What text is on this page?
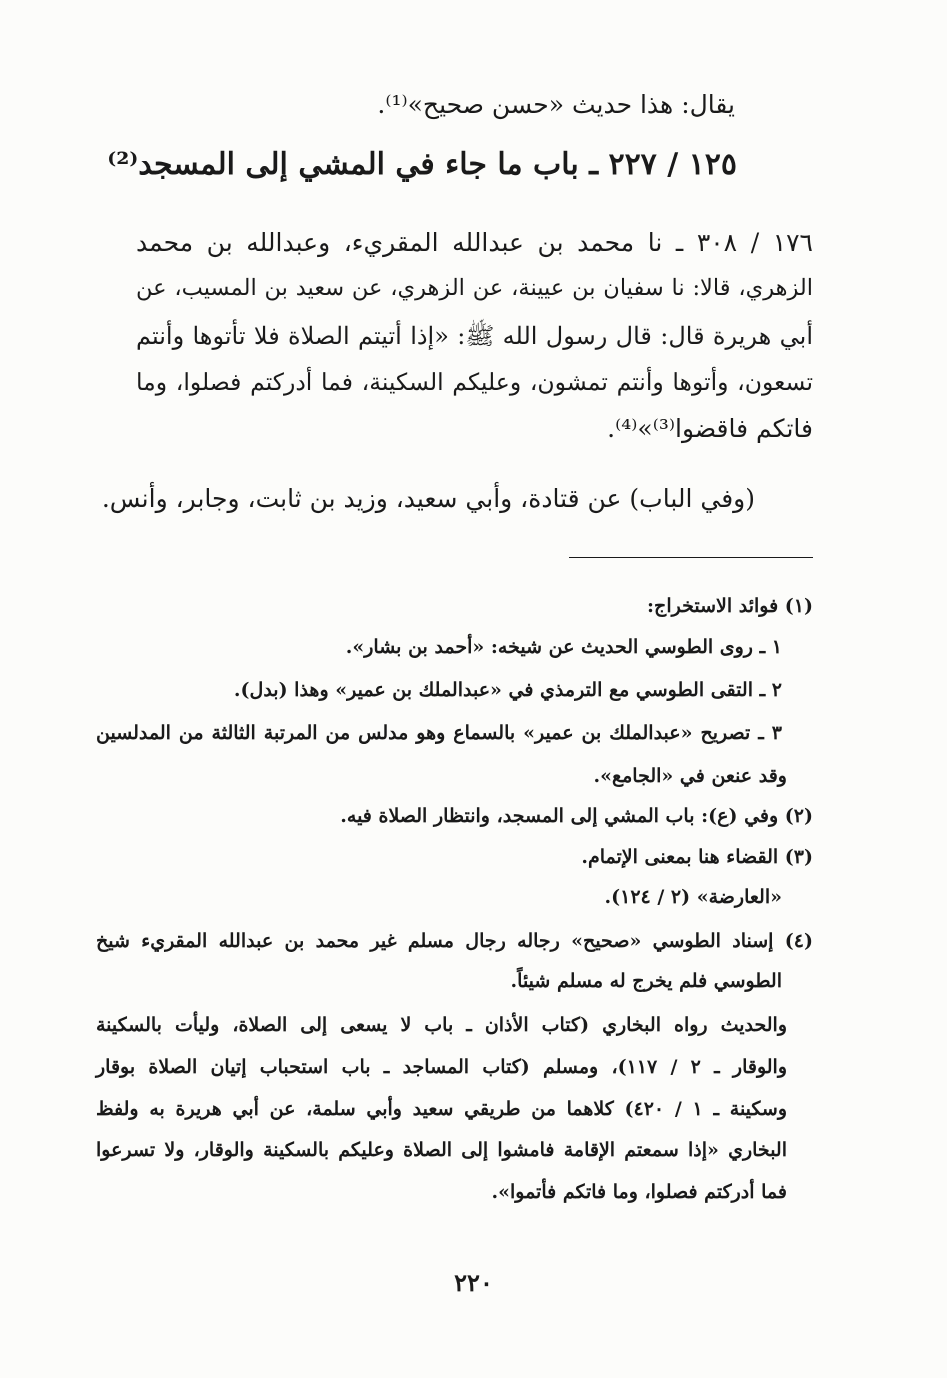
يقال: هذا حديث «حسن صحيح»⁽¹⁾.
١٢٥ / ٢٢٧ ـ باب ما جاء في المشي إلى المسجد⁽²⁾
١٧٦ / ٣٠٨ ـ نا محمد بن عبدالله المقريء، وعبدالله بن محمد
الزهري، قالا: نا سفيان بن عيينة، عن الزهري، عن سعيد بن المسيب، عن
أبي هريرة قال: قال رسول الله ﷺ: «إذا أتيتم الصلاة فلا تأتوها وأنتم
تسعون، وأتوها وأنتم تمشون، وعليكم السكينة، فما أدركتم فصلوا، وما
فاتكم فاقضوا⁽³⁾»⁽⁴⁾.
(وفي الباب) عن قتادة، وأبي سعيد، وزيد بن ثابت، وجابر، وأنس.
(١) فوائد الاستخراج:
١ ـ روى الطوسي الحديث عن شيخه: «أحمد بن بشار».
٢ ـ التقى الطوسي مع الترمذي في «عبدالملك بن عمير» وهذا (بدل).
٣ ـ تصريح «عبدالملك بن عمير» بالسماع وهو مدلس من المرتبة الثالثة من المدلسين
وقد عنعن في «الجامع».
(٢) وفي (ع): باب المشي إلى المسجد، وانتظار الصلاة فيه.
(٣) القضاء هنا بمعنى الإتمام.
«العارضة» (٢ / ١٢٤).
(٤) إسناد الطوسي «صحيح» رجاله رجال مسلم غير محمد بن عبدالله المقريء شيخ
الطوسي فلم يخرج له مسلم شيئاً.
والحديث رواه البخاري (كتاب الأذان ـ باب لا يسعى إلى الصلاة، وليأت بالسكينة
والوقار ـ ٢ / ١١٧)، ومسلم (كتاب المساجد ـ باب استحباب إتيان الصلاة بوقار
وسكينة ـ ١ / ٤٢٠) كلاهما من طريقي سعيد وأبي سلمة، عن أبي هريرة به ولفظ
البخاري «إذا سمعتم الإقامة فامشوا إلى الصلاة وعليكم بالسكينة والوقار، ولا تسرعوا
فما أدركتم فصلوا، وما فاتكم فأتموا».
٢٢٠
